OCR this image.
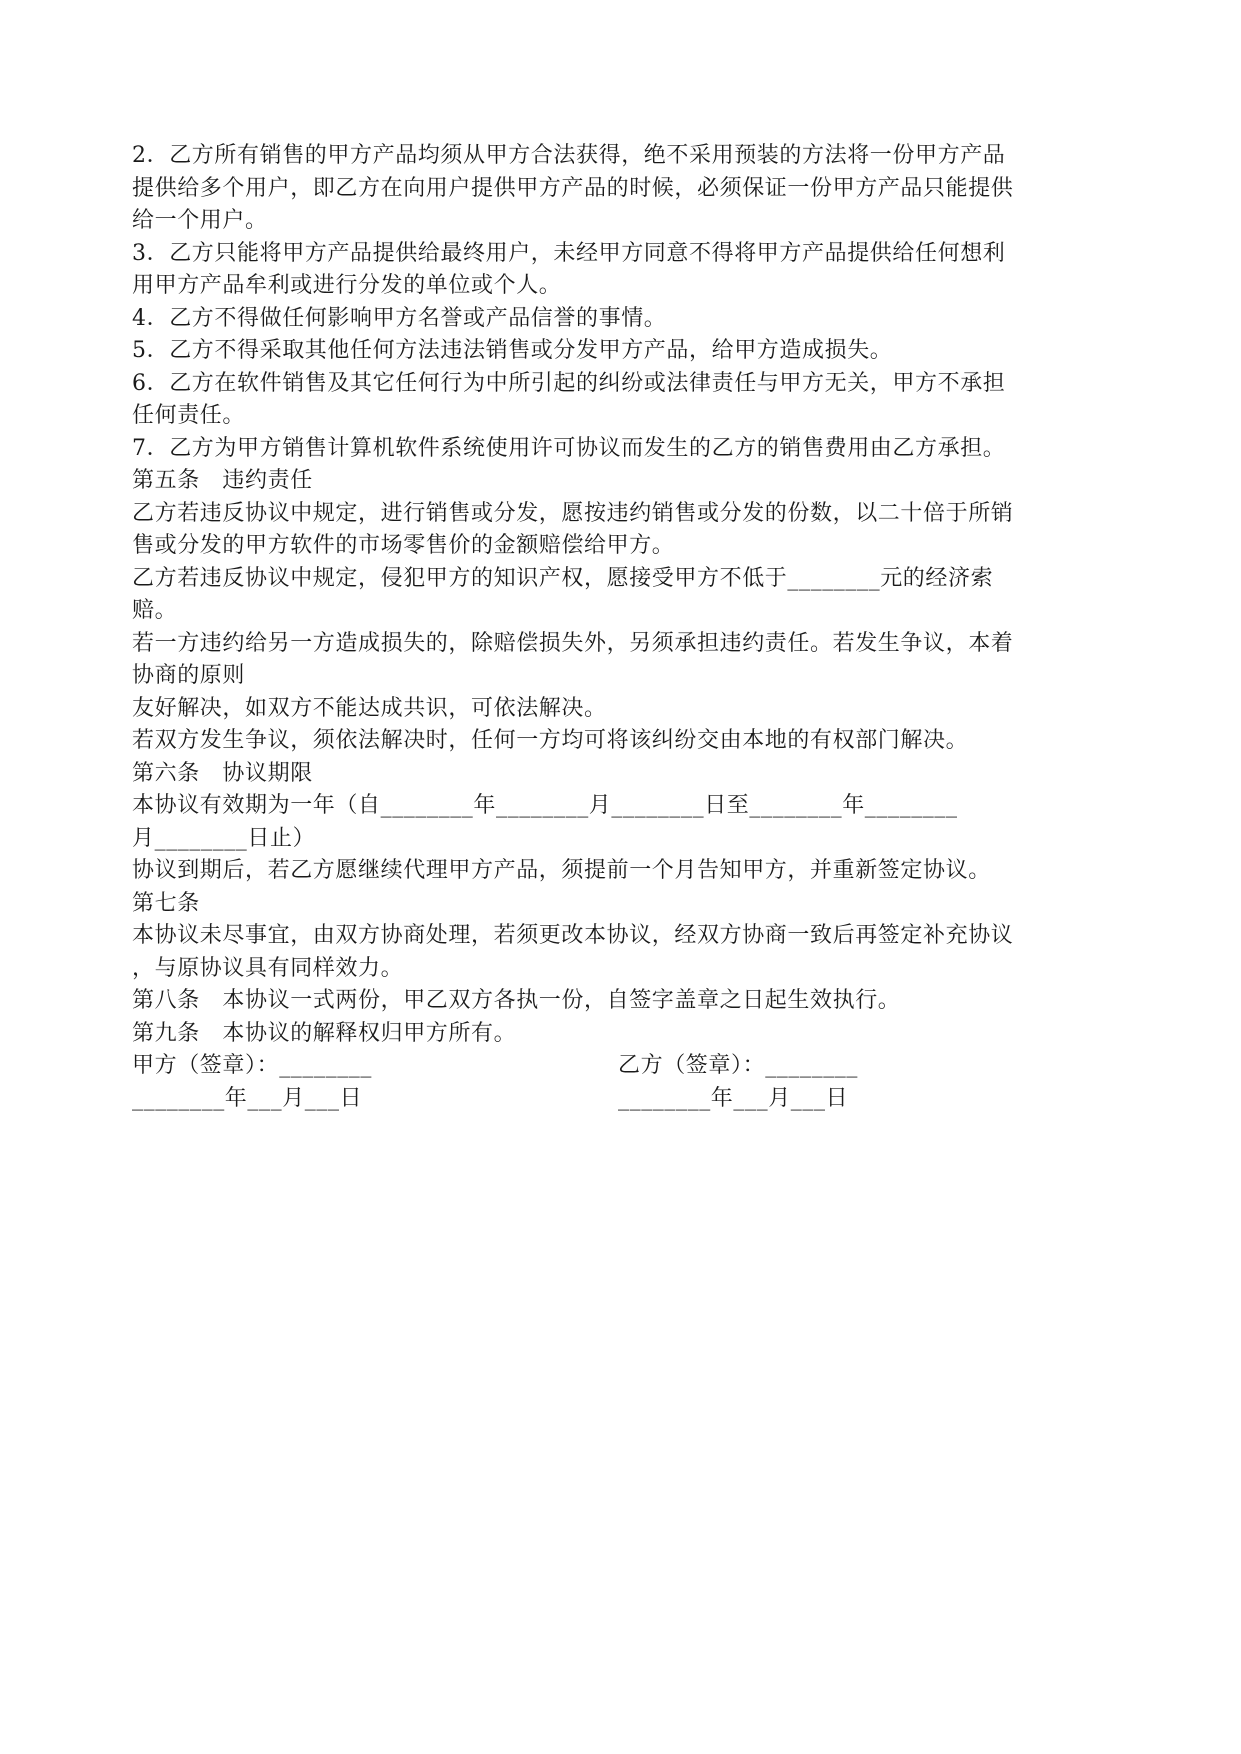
2．乙方所有销售的甲方产品均须从甲方合法获得，绝不采用预装的方法将一份甲方产品
提供给多个用户，即乙方在向用户提供甲方产品的时候，必须保证一份甲方产品只能提供
给一个用户。
3．乙方只能将甲方产品提供给最终用户，未经甲方同意不得将甲方产品提供给任何想利
用甲方产品牟利或进行分发的单位或个人。
4．乙方不得做任何影响甲方名誉或产品信誉的事情。
5．乙方不得采取其他任何方法违法销售或分发甲方产品，给甲方造成损失。
6．乙方在软件销售及其它任何行为中所引起的纠纷或法律责任与甲方无关，甲方不承担
任何责任。
7．乙方为甲方销售计算机软件系统使用许可协议而发生的乙方的销售费用由乙方承担。
第五条　违约责任
乙方若违反协议中规定，进行销售或分发，愿按违约销售或分发的份数，以二十倍于所销
售或分发的甲方软件的市场零售价的金额赔偿给甲方。
乙方若违反协议中规定，侵犯甲方的知识产权，愿接受甲方不低于________元的经济索
赔。
若一方违约给另一方造成损失的，除赔偿损失外，另须承担违约责任。若发生争议，本着
协商的原则
友好解决，如双方不能达成共识，可依法解决。
若双方发生争议，须依法解决时，任何一方均可将该纠纷交由本地的有权部门解决。
第六条　协议期限
本协议有效期为一年（自________年________月________日至________年________
月________日止）
协议到期后，若乙方愿继续代理甲方产品，须提前一个月告知甲方，并重新签定协议。
第七条
本协议未尽事宜，由双方协商处理，若须更改本协议，经双方协商一致后再签定补充协议
，与原协议具有同样效力。
第八条　本协议一式两份，甲乙双方各执一份，自签字盖章之日起生效执行。
第九条　本协议的解释权归甲方所有。
甲方（签章）：________	乙方（签章）：________
________年___月___日	________年___月___日
